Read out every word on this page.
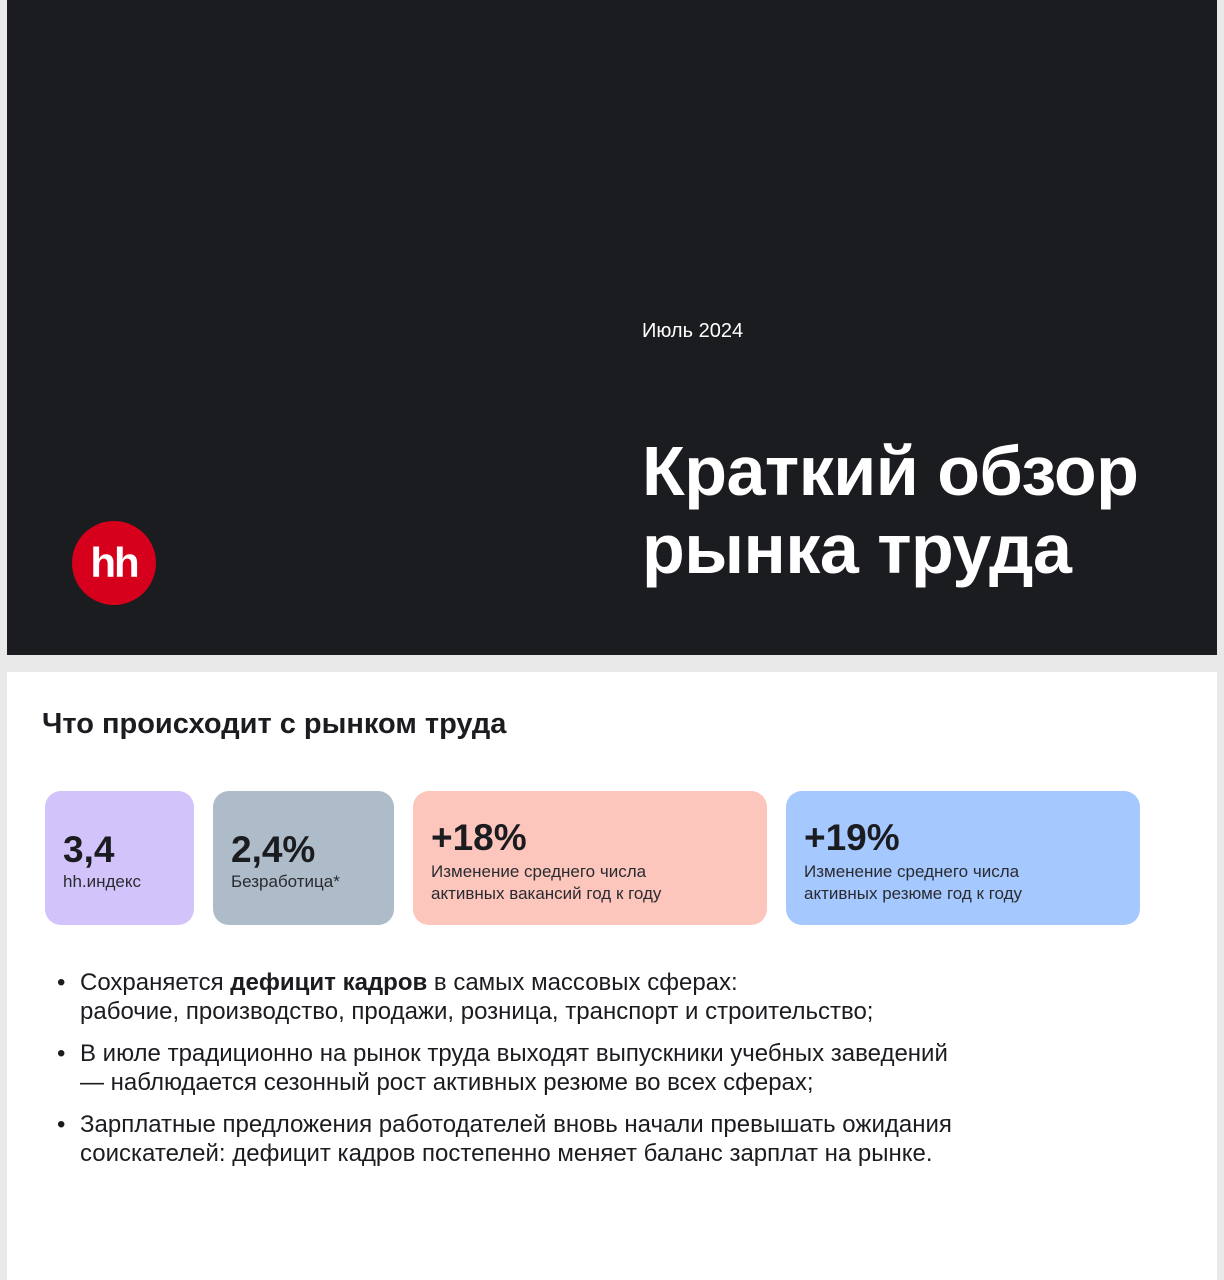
Июль 2024
Краткий обзор
рынка труда
hh
Что происходит с рынком труда
3,4
hh.индекс
2,4%
Безработица*
+18%
Изменение среднего числа
активных вакансий год к году
+19%
Изменение среднего числа
активных резюме год к году
• Сохраняется дефицит кадров в самых массовых сферах:
рабочие, производство, продажи, розница, транспорт и строительство;
• В июле традиционно на рынок труда выходят выпускники учебных заведений
— наблюдается сезонный рост активных резюме во всех сферах;
• Зарплатные предложения работодателей вновь начали превышать ожидания
соискателей: дефицит кадров постепенно меняет баланс зарплат на рынке.
